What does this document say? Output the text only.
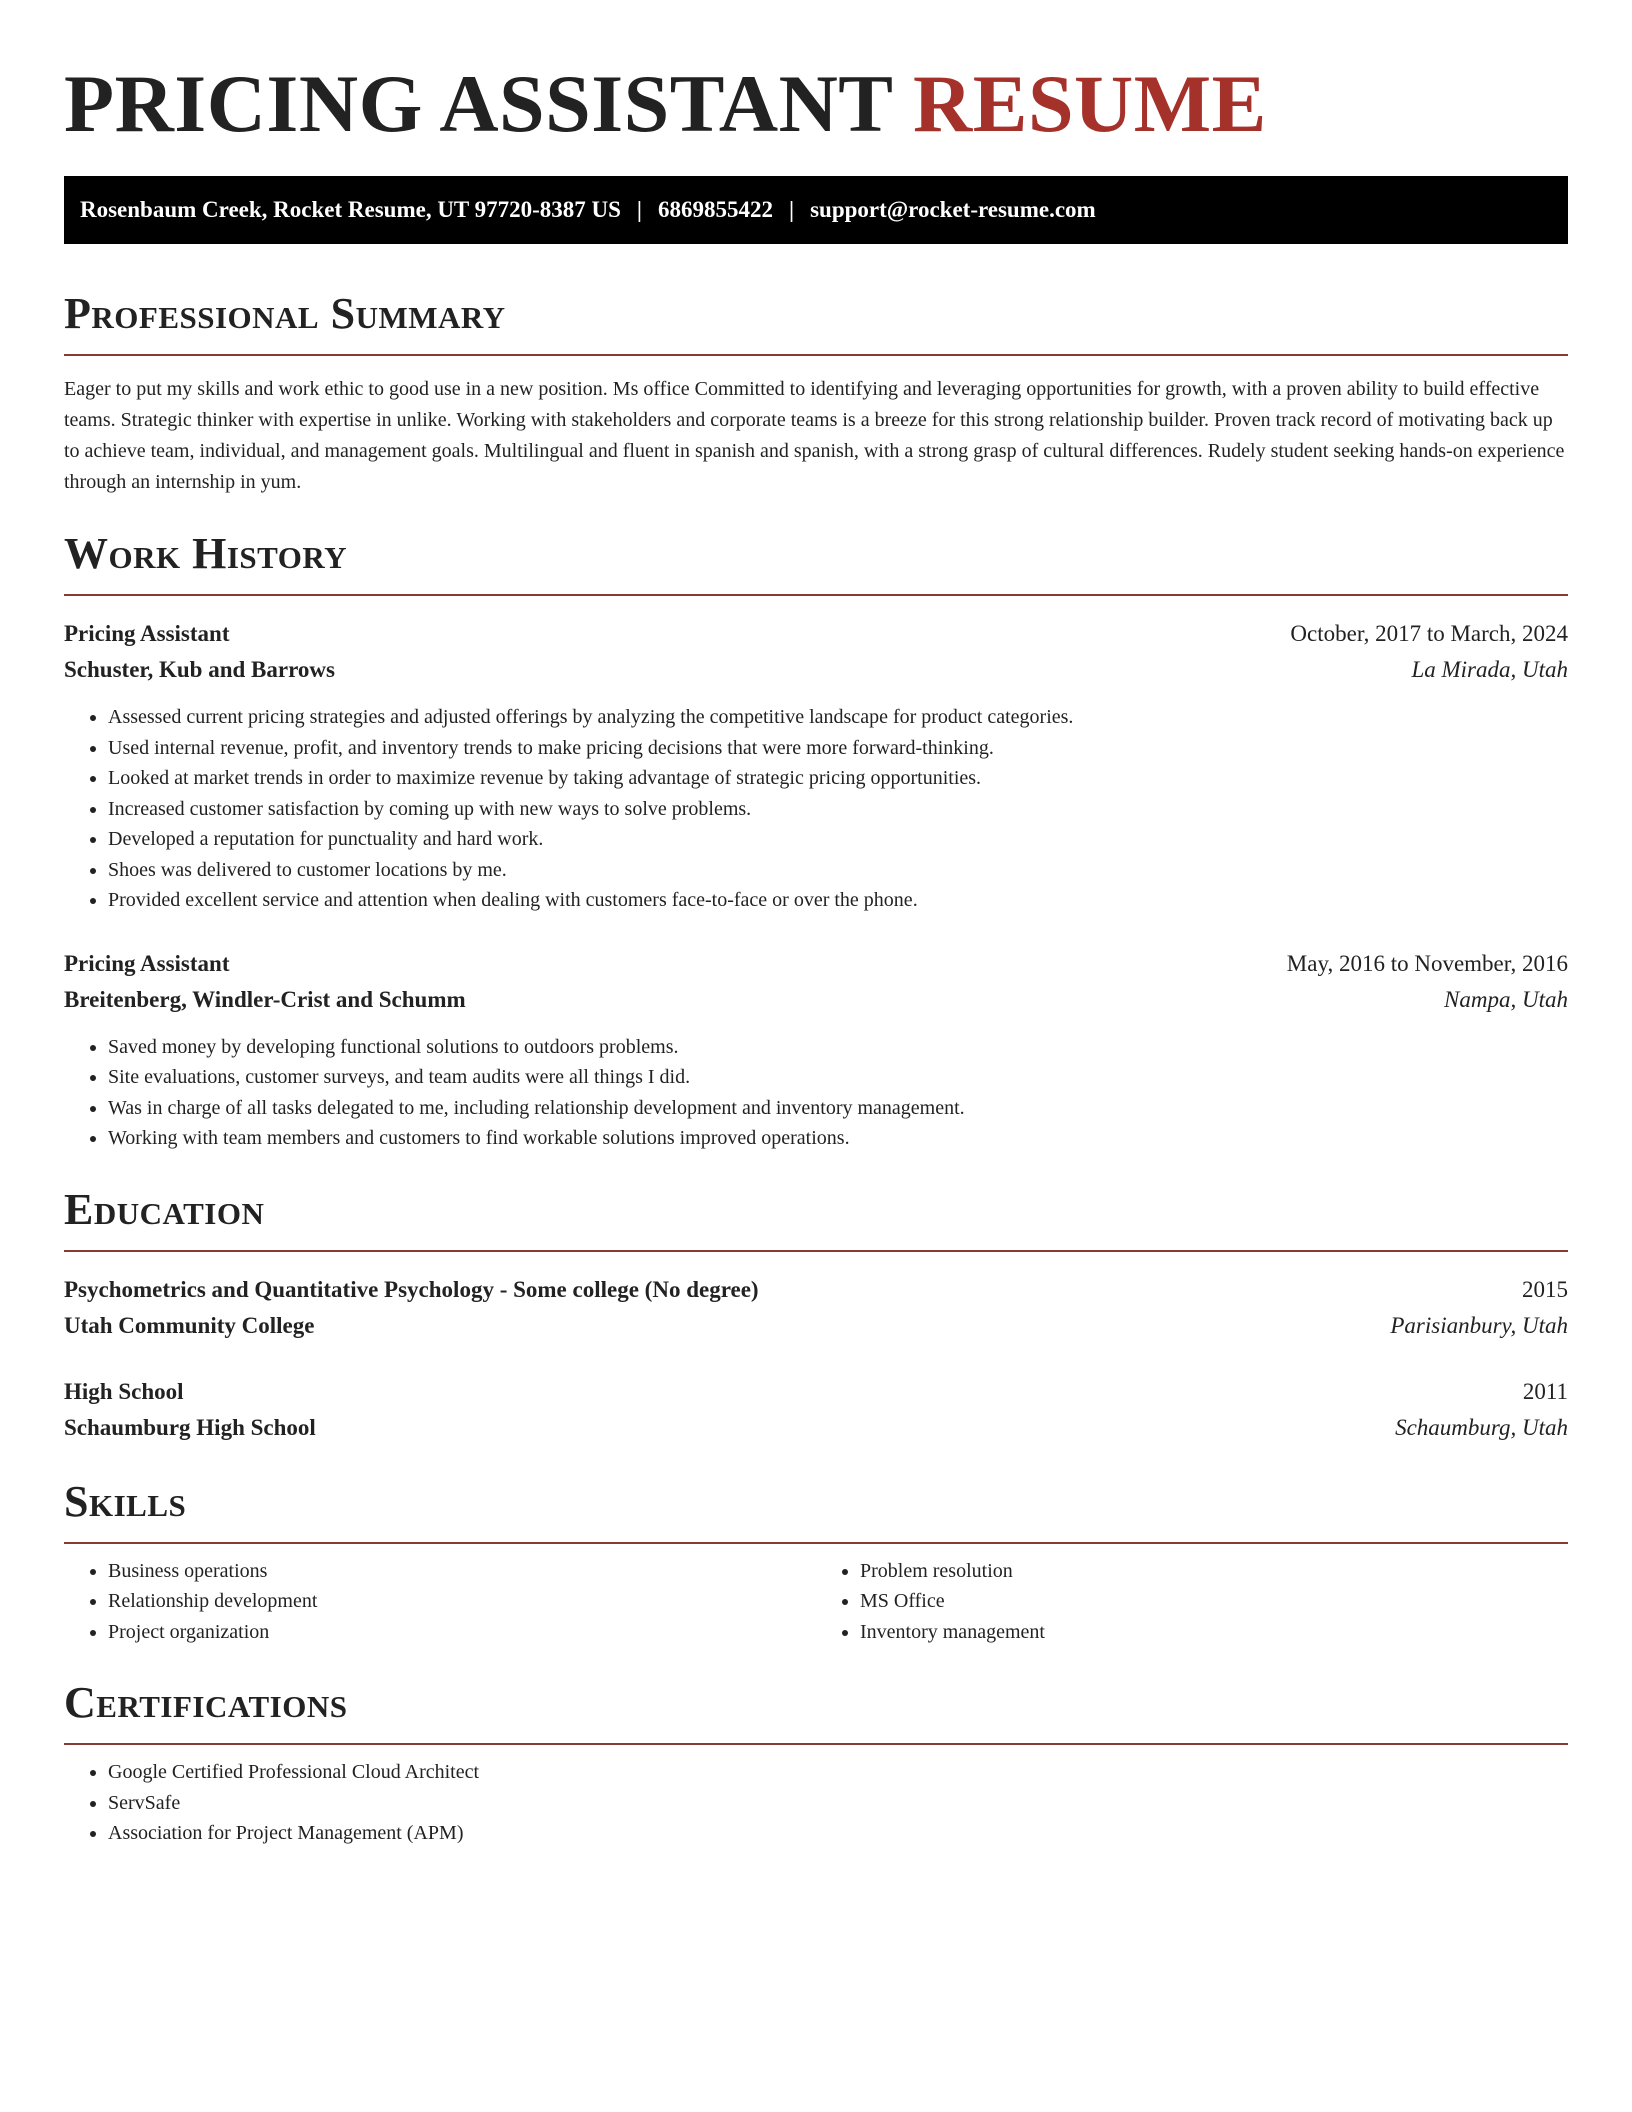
PRICING ASSISTANT RESUME
Rosenbaum Creek, Rocket Resume, UT 97720-8387 US | 6869855422 | support@rocket-resume.com
Professional Summary

Eager to put my skills and work ethic to good use in a new position. Ms office Committed to identifying and leveraging opportunities for growth, with a proven ability to build effective teams. Strategic thinker with expertise in unlike. Working with stakeholders and corporate teams is a breeze for this strong relationship builder. Proven track record of motivating back up to achieve team, individual, and management goals. Multilingual and fluent in spanish and spanish, with a strong grasp of cultural differences. Rudely student seeking hands-on experience through an internship in yum.

Work History
Pricing Assistant	October, 2017 to March, 2024
Schuster, Kub and Barrows	La Mirada, Utah
• Assessed current pricing strategies and adjusted offerings by analyzing the competitive landscape for product categories.
• Used internal revenue, profit, and inventory trends to make pricing decisions that were more forward-thinking.
• Looked at market trends in order to maximize revenue by taking advantage of strategic pricing opportunities.
• Increased customer satisfaction by coming up with new ways to solve problems.
• Developed a reputation for punctuality and hard work.
• Shoes was delivered to customer locations by me.
• Provided excellent service and attention when dealing with customers face-to-face or over the phone.
Pricing Assistant	May, 2016 to November, 2016
Breitenberg, Windler-Crist and Schumm	Nampa, Utah
• Saved money by developing functional solutions to outdoors problems.
• Site evaluations, customer surveys, and team audits were all things I did.
• Was in charge of all tasks delegated to me, including relationship development and inventory management.
• Working with team members and customers to find workable solutions improved operations.
Education
Psychometrics and Quantitative Psychology - Some college (No degree)	2015
Utah Community College	Parisianbury, Utah
High School	2011
Schaumburg High School	Schaumburg, Utah
Skills
• Business operations
• Relationship development
• Project organization
• Problem resolution
• MS Office
• Inventory management
Certifications
• Google Certified Professional Cloud Architect
• ServSafe
• Association for Project Management (APM)
